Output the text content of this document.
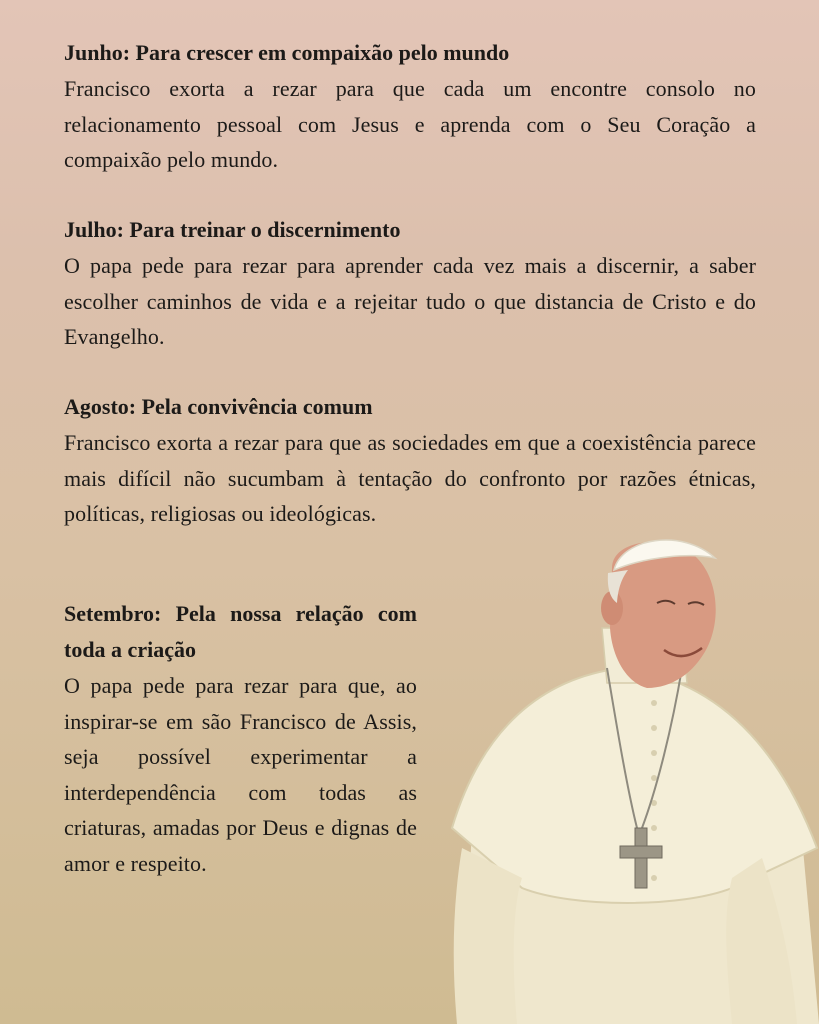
Junho: Para crescer em compaixão pelo mundo

Francisco exorta a rezar para que cada um encontre consolo no relacionamento pessoal com Jesus e aprenda com o Seu Coração a compaixão pelo mundo.

Julho: Para treinar o discernimento

O papa pede para rezar para aprender cada vez mais a discernir, a saber escolher caminhos de vida e a rejeitar tudo o que distancia de Cristo e do Evangelho.

Agosto: Pela convivência comum

Francisco exorta a rezar para que as sociedades em que a coexistência parece mais difícil não sucumbam à tentação do confronto por razões étnicas, políticas, religiosas ou ideológicas.

Setembro: Pela nossa relação com toda a criação

O papa pede para rezar para que, ao inspirar-se em são Francisco de Assis, seja possível experimentar a interdependência com todas as criaturas, amadas por Deus e dignas de amor e respeito.
